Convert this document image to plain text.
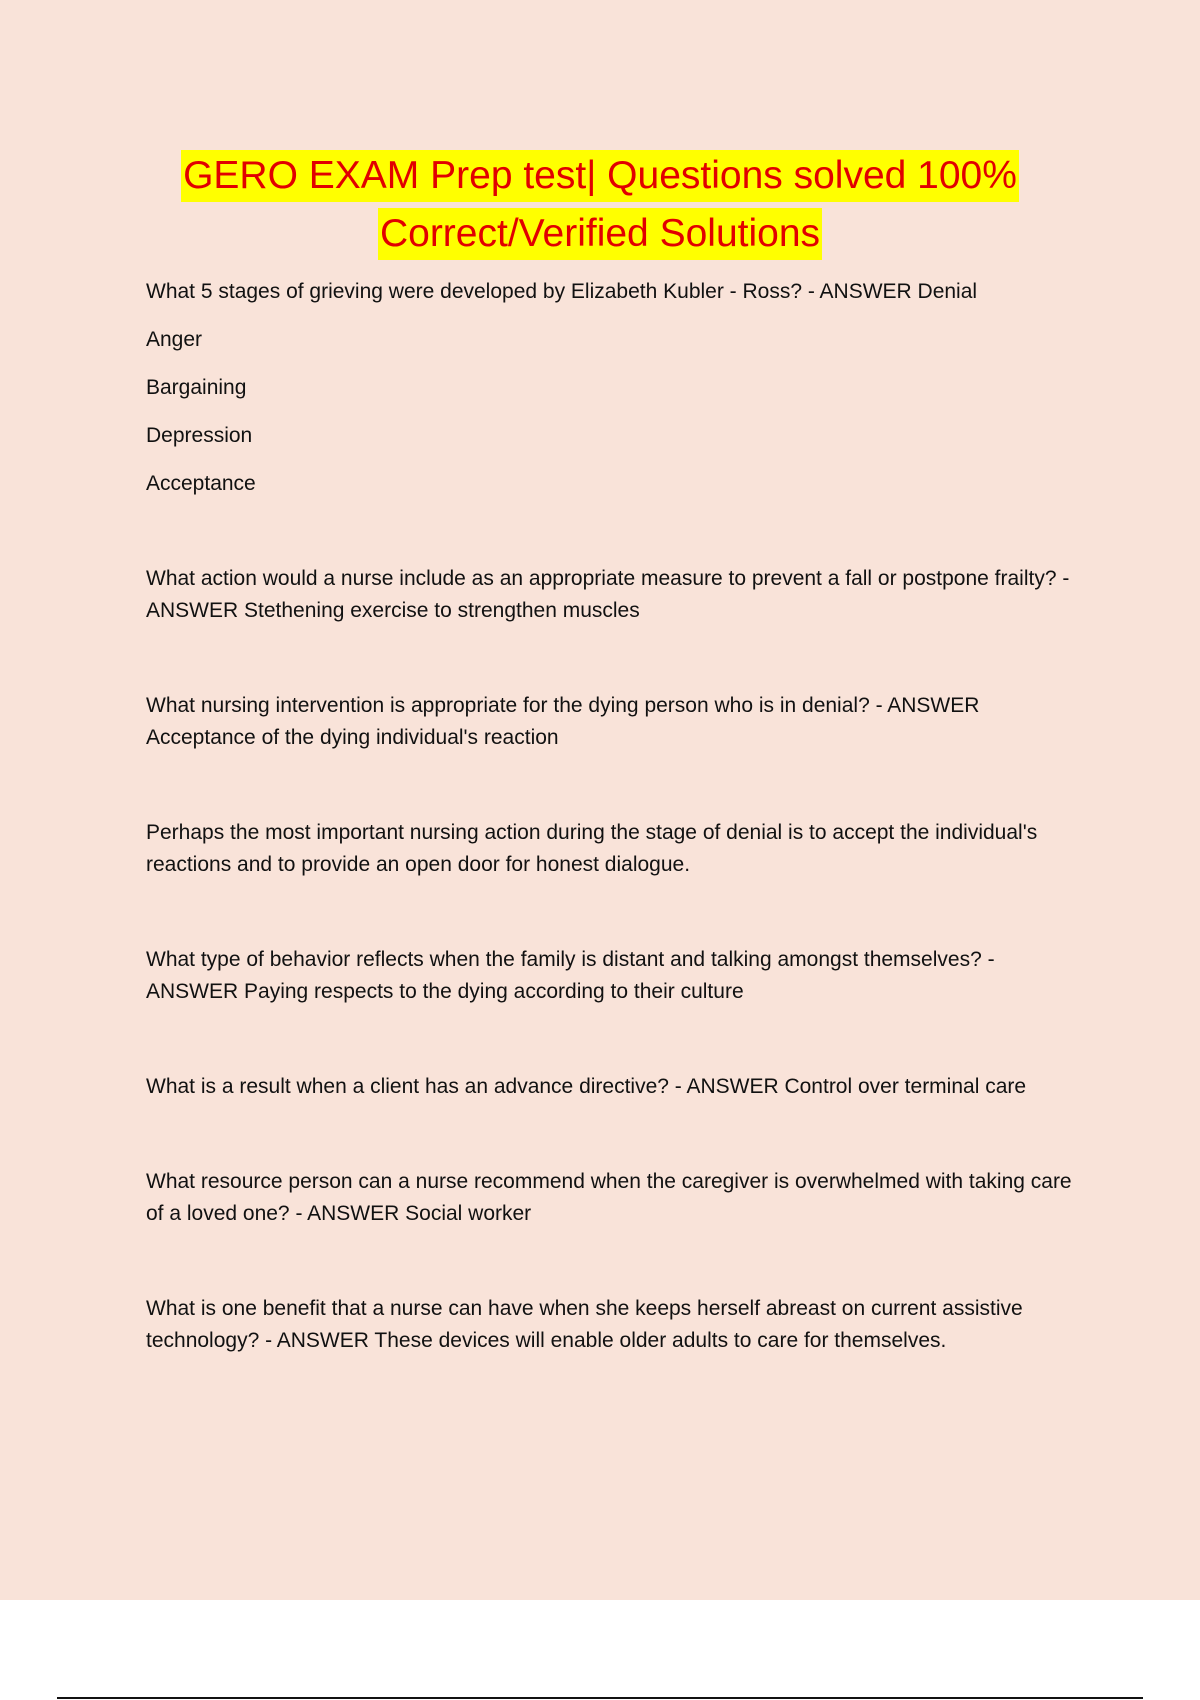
GERO EXAM Prep test| Questions solved 100%
Correct/Verified Solutions

What 5 stages of grieving were developed by Elizabeth Kubler - Ross? - ANSWER Denial

Anger

Bargaining

Depression

Acceptance

What action would a nurse include as an appropriate measure to prevent a fall or postpone frailty? - ANSWER Stethening exercise to strengthen muscles

What nursing intervention is appropriate for the dying person who is in denial? - ANSWER Acceptance of the dying individual's reaction

Perhaps the most important nursing action during the stage of denial is to accept the individual's reactions and to provide an open door for honest dialogue.

What type of behavior reflects when the family is distant and talking amongst themselves? - ANSWER Paying respects to the dying according to their culture

What is a result when a client has an advance directive? - ANSWER Control over terminal care

What resource person can a nurse recommend when the caregiver is overwhelmed with taking care of a loved one? - ANSWER Social worker

What is one benefit that a nurse can have when she keeps herself abreast on current assistive technology? - ANSWER These devices will enable older adults to care for themselves.
